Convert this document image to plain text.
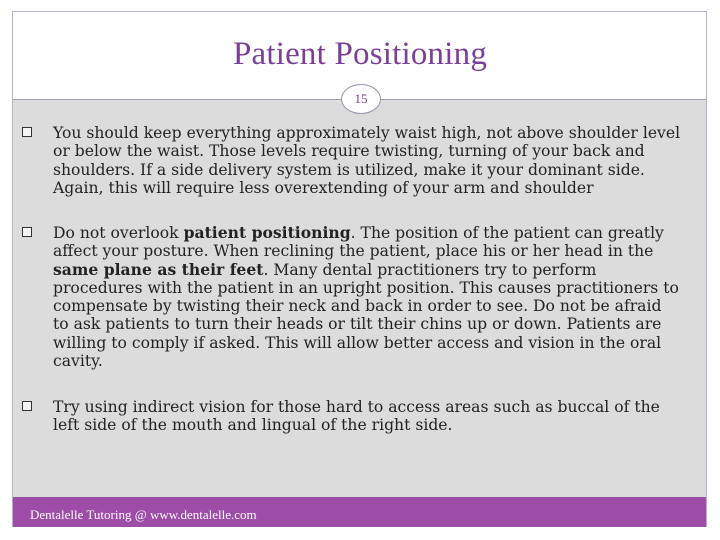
Patient Positioning
15
You should keep everything approximately waist high, not above shoulder level or below the waist. Those levels require twisting, turning of your back and shoulders. If a side delivery system is utilized, make it your dominant side. Again, this will require less overextending of your arm and shoulder
Do not overlook patient positioning. The position of the patient can greatly affect your posture. When reclining the patient, place his or her head in the same plane as their feet. Many dental practitioners try to perform procedures with the patient in an upright position. This causes practitioners to compensate by twisting their neck and back in order to see. Do not be afraid to ask patients to turn their heads or tilt their chins up or down. Patients are willing to comply if asked. This will allow better access and vision in the oral cavity.
Try using indirect vision for those hard to access areas such as buccal of the left side of the mouth and lingual of the right side.
Dentalelle Tutoring @ www.dentalelle.com
